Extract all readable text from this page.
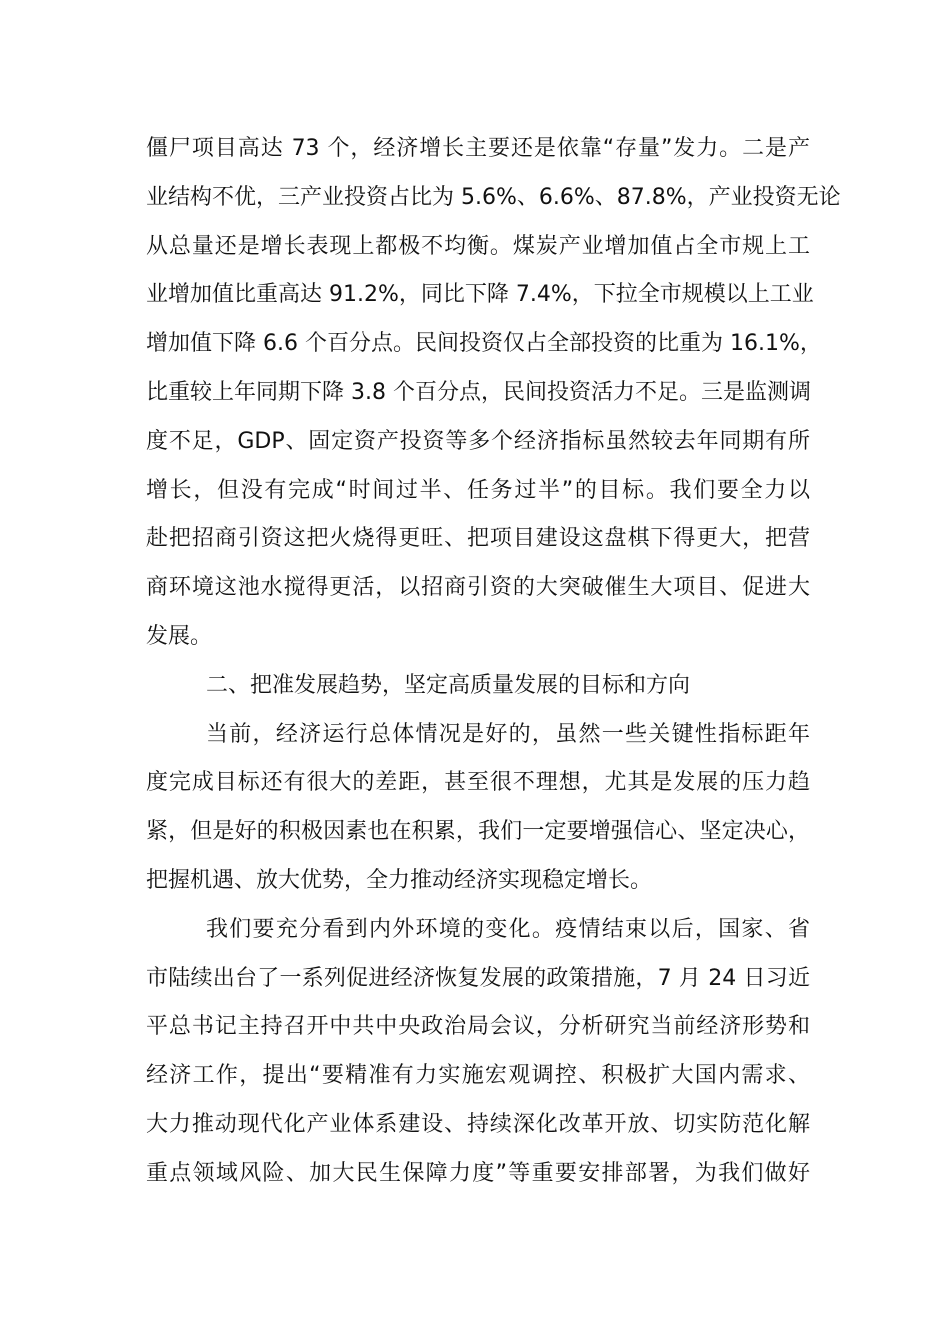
僵尸项目高达 73 个，经济增长主要还是依靠“存量”发力。二是产
业结构不优，三产业投资占比为 5.6%、6.6%、87.8%，产业投资无论
从总量还是增长表现上都极不均衡。煤炭产业增加值占全市规上工
业增加值比重高达 91.2%，同比下降 7.4%，下拉全市规模以上工业
增加值下降 6.6 个百分点。民间投资仅占全部投资的比重为 16.1%，
比重较上年同期下降 3.8 个百分点，民间投资活力不足。三是监测调
度不足，GDP、固定资产投资等多个经济指标虽然较去年同期有所
增长，但没有完成“时间过半、任务过半”的目标。我们要全力以
赴把招商引资这把火烧得更旺、把项目建设这盘棋下得更大，把营
商环境这池水搅得更活，以招商引资的大突破催生大项目、促进大
发展。
二、把准发展趋势，坚定高质量发展的目标和方向
当前，经济运行总体情况是好的，虽然一些关键性指标距年
度完成目标还有很大的差距，甚至很不理想，尤其是发展的压力趋
紧，但是好的积极因素也在积累，我们一定要增强信心、坚定决心，
把握机遇、放大优势，全力推动经济实现稳定增长。
我们要充分看到内外环境的变化。疫情结束以后，国家、省
市陆续出台了一系列促进经济恢复发展的政策措施，7 月 24 日习近
平总书记主持召开中共中央政治局会议，分析研究当前经济形势和
经济工作，提出“要精准有力实施宏观调控、积极扩大国内需求、
大力推动现代化产业体系建设、持续深化改革开放、切实防范化解
重点领域风险、加大民生保障力度”等重要安排部署，为我们做好
